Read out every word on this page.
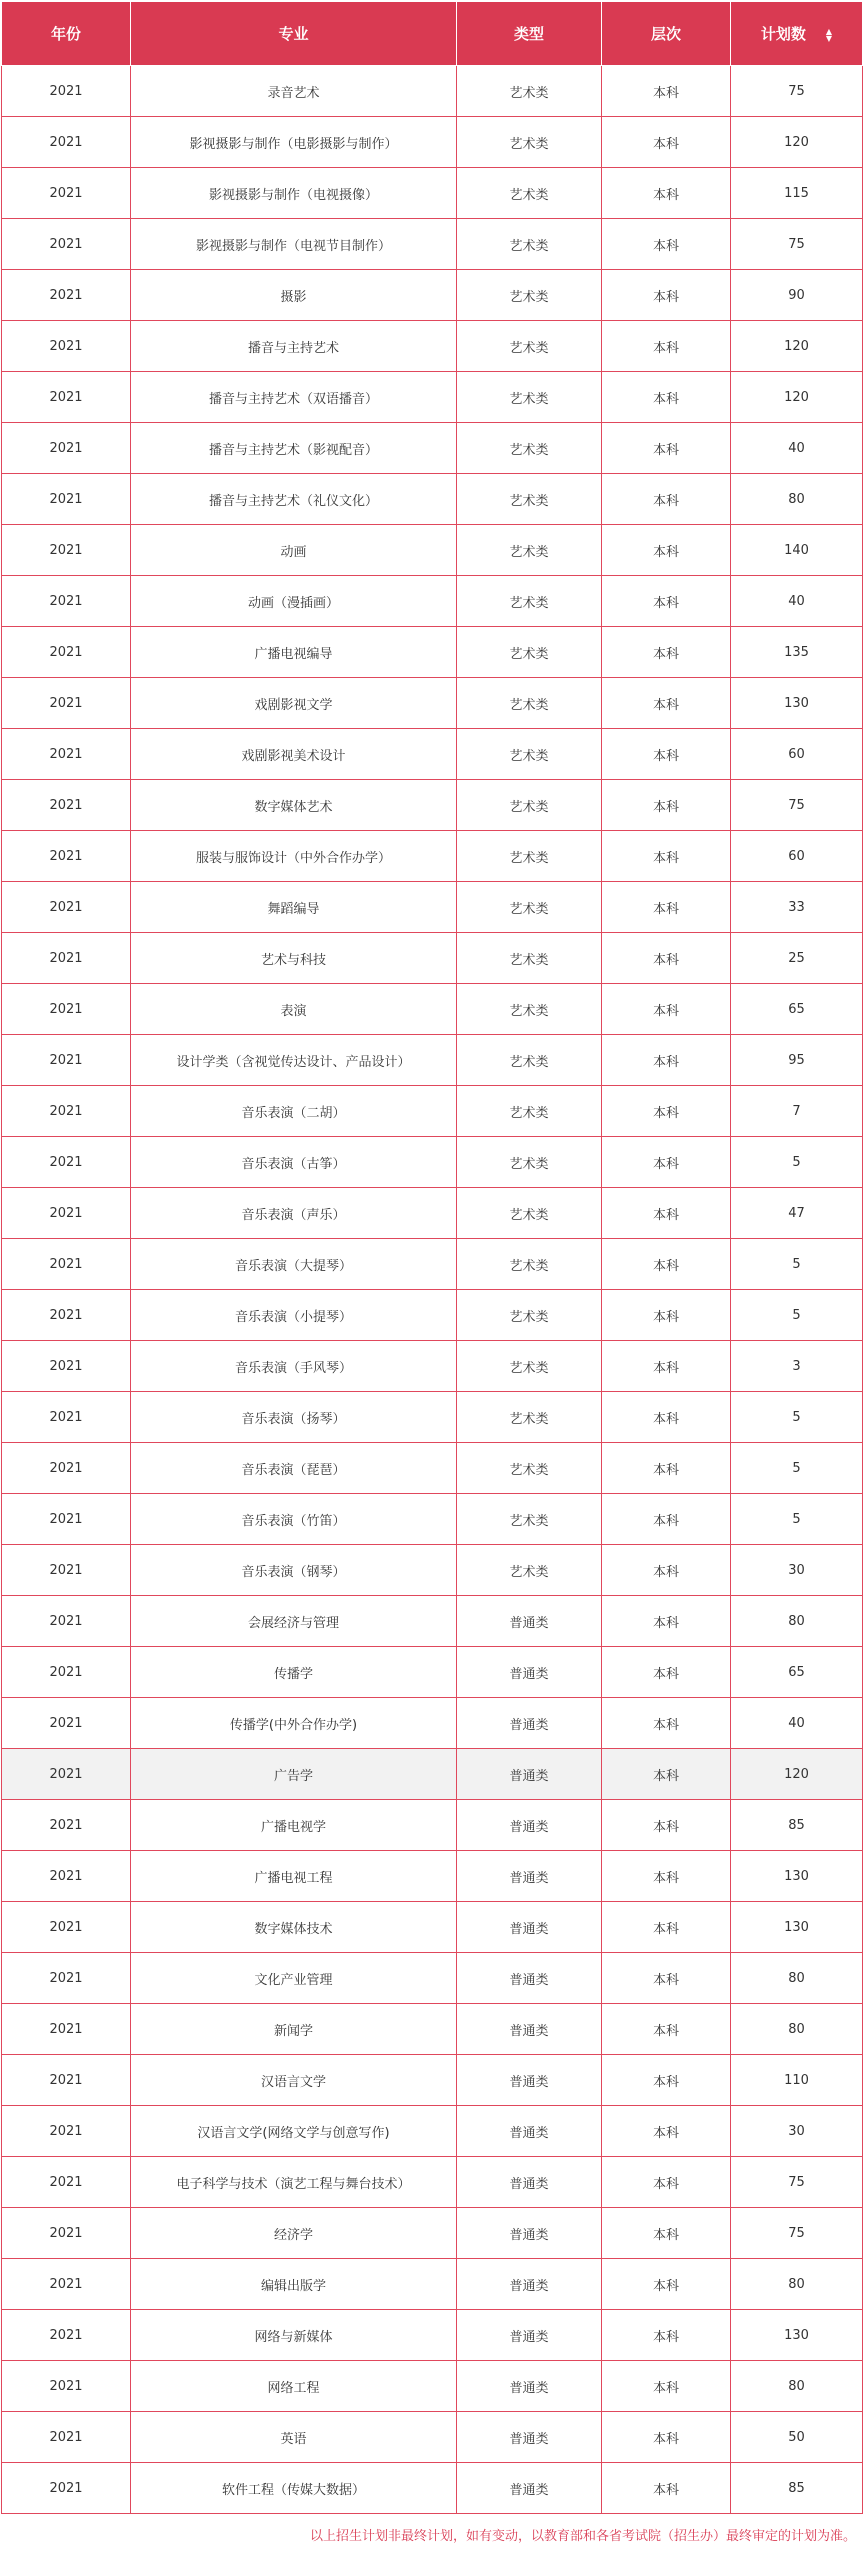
年份	专业	类型	层次	计划数 ▲
▼

2021	录音艺术	艺术类	本科	75
2021	影视摄影与制作（电影摄影与制作）	艺术类	本科	120
2021	影视摄影与制作（电视摄像）	艺术类	本科	115
2021	影视摄影与制作（电视节目制作）	艺术类	本科	75
2021	摄影	艺术类	本科	90
2021	播音与主持艺术	艺术类	本科	120
2021	播音与主持艺术（双语播音）	艺术类	本科	120
2021	播音与主持艺术（影视配音）	艺术类	本科	40
2021	播音与主持艺术（礼仪文化）	艺术类	本科	80
2021	动画	艺术类	本科	140
2021	动画（漫插画）	艺术类	本科	40
2021	广播电视编导	艺术类	本科	135
2021	戏剧影视文学	艺术类	本科	130
2021	戏剧影视美术设计	艺术类	本科	60
2021	数字媒体艺术	艺术类	本科	75
2021	服装与服饰设计（中外合作办学）	艺术类	本科	60
2021	舞蹈编导	艺术类	本科	33
2021	艺术与科技	艺术类	本科	25
2021	表演	艺术类	本科	65
2021	设计学类（含视觉传达设计、产品设计）	艺术类	本科	95
2021	音乐表演（二胡）	艺术类	本科	7
2021	音乐表演（古筝）	艺术类	本科	5
2021	音乐表演（声乐）	艺术类	本科	47
2021	音乐表演（大提琴）	艺术类	本科	5
2021	音乐表演（小提琴）	艺术类	本科	5
2021	音乐表演（手风琴）	艺术类	本科	3
2021	音乐表演（扬琴）	艺术类	本科	5
2021	音乐表演（琵琶）	艺术类	本科	5
2021	音乐表演（竹笛）	艺术类	本科	5
2021	音乐表演（钢琴）	艺术类	本科	30
2021	会展经济与管理	普通类	本科	80
2021	传播学	普通类	本科	65
2021	传播学(中外合作办学)	普通类	本科	40
2021	广告学	普通类	本科	120
2021	广播电视学	普通类	本科	85
2021	广播电视工程	普通类	本科	130
2021	数字媒体技术	普通类	本科	130
2021	文化产业管理	普通类	本科	80
2021	新闻学	普通类	本科	80
2021	汉语言文学	普通类	本科	110
2021	汉语言文学(网络文学与创意写作)	普通类	本科	30
2021	电子科学与技术（演艺工程与舞台技术）	普通类	本科	75
2021	经济学	普通类	本科	75
2021	编辑出版学	普通类	本科	80
2021	网络与新媒体	普通类	本科	130
2021	网络工程	普通类	本科	80
2021	英语	普通类	本科	50
2021	软件工程（传媒大数据）	普通类	本科	85
以上招生计划非最终计划，如有变动，以教育部和各省考试院（招生办）最终审定的计划为准。
